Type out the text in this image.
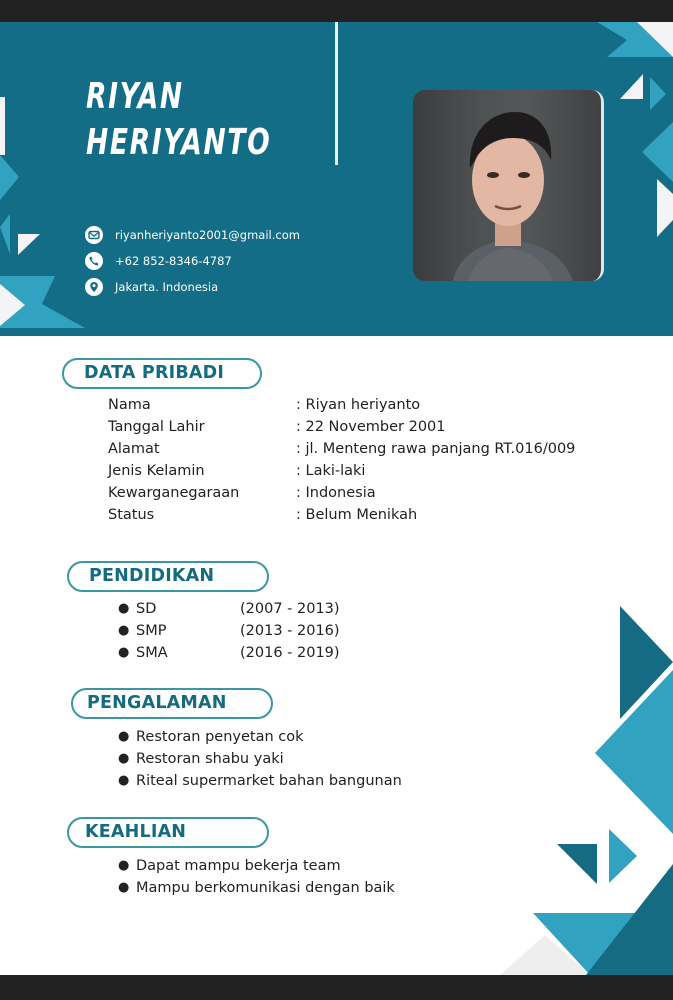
RIYAN
HERIYANTO
riyanheriyanto2001@gmail.com
+62 852-8346-4787
Jakarta. Indonesia
DATA PRIBADI
Nama	: Riyan heriyanto
Tanggal Lahir	: 22 November 2001
Alamat	: jl. Menteng rawa panjang RT.016/009
Jenis Kelamin	: Laki-laki
Kewarganegaraan	: Indonesia
Status	: Belum Menikah
PENDIDIKAN
● SD	(2007 - 2013)
● SMP	(2013 - 2016)
● SMA	(2016 - 2019)
PENGALAMAN
● Restoran penyetan cok
● Restoran shabu yaki
● Riteal supermarket bahan bangunan
KEAHLIAN
● Dapat mampu bekerja team
● Mampu berkomunikasi dengan baik
